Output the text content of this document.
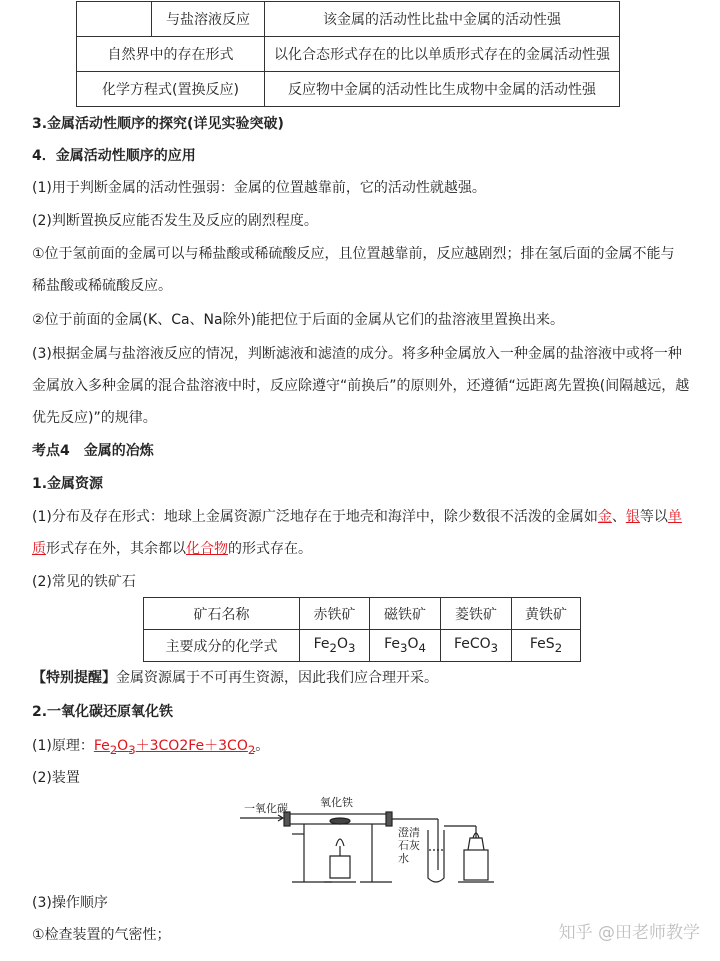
	与盐溶液反应	该金属的活动性比盐中金属的活动性强
自然界中的存在形式		以化合态形式存在的比以单质形式存在的金属活动性强
化学方程式(置换反应)		反应物中金属的活动性比生成物中金属的活动性强
3.金属活动性顺序的探究(详见实验突破)
4．金属活动性顺序的应用
(1)用于判断金属的活动性强弱：金属的位置越靠前，它的活动性就越强。
(2)判断置换反应能否发生及反应的剧烈程度。
①位于氢前面的金属可以与稀盐酸或稀硫酸反应，且位置越靠前，反应越剧烈；排在氢后面的金属不能与
稀盐酸或稀硫酸反应。
②位于前面的金属(K、Ca、Na除外)能把位于后面的金属从它们的盐溶液里置换出来。
(3)根据金属与盐溶液反应的情况，判断滤液和滤渣的成分。将多种金属放入一种金属的盐溶液中或将一种
金属放入多种金属的混合盐溶液中时，反应除遵守“前换后”的原则外，还遵循“远距离先置换(间隔越远，越
优先反应)”的规律。
考点4　金属的冶炼
1.金属资源
(1)分布及存在形式：地球上金属资源广泛地存在于地壳和海洋中，除少数很不活泼的金属如金、银等以单
质形式存在外，其余都以化合物的形式存在。
(2)常见的铁矿石
矿石名称	赤铁矿	磁铁矿	菱铁矿	黄铁矿
主要成分的化学式	$Fe_2O_3$	$Fe_3O_4$	FeCO$_3$	FeS$_2$
【特别提醒】金属资源属于不可再生资源，因此我们应合理开采。
2.一氧化碳还原氧化铁
(1)原理：$Fe_2O_3+3CO2Fe+3CO_2$。
(2)装置
一氧化碳	氧化铁
澄清石灰水
(3)操作顺序
①检查装置的气密性；	知乎 @田老师教学
